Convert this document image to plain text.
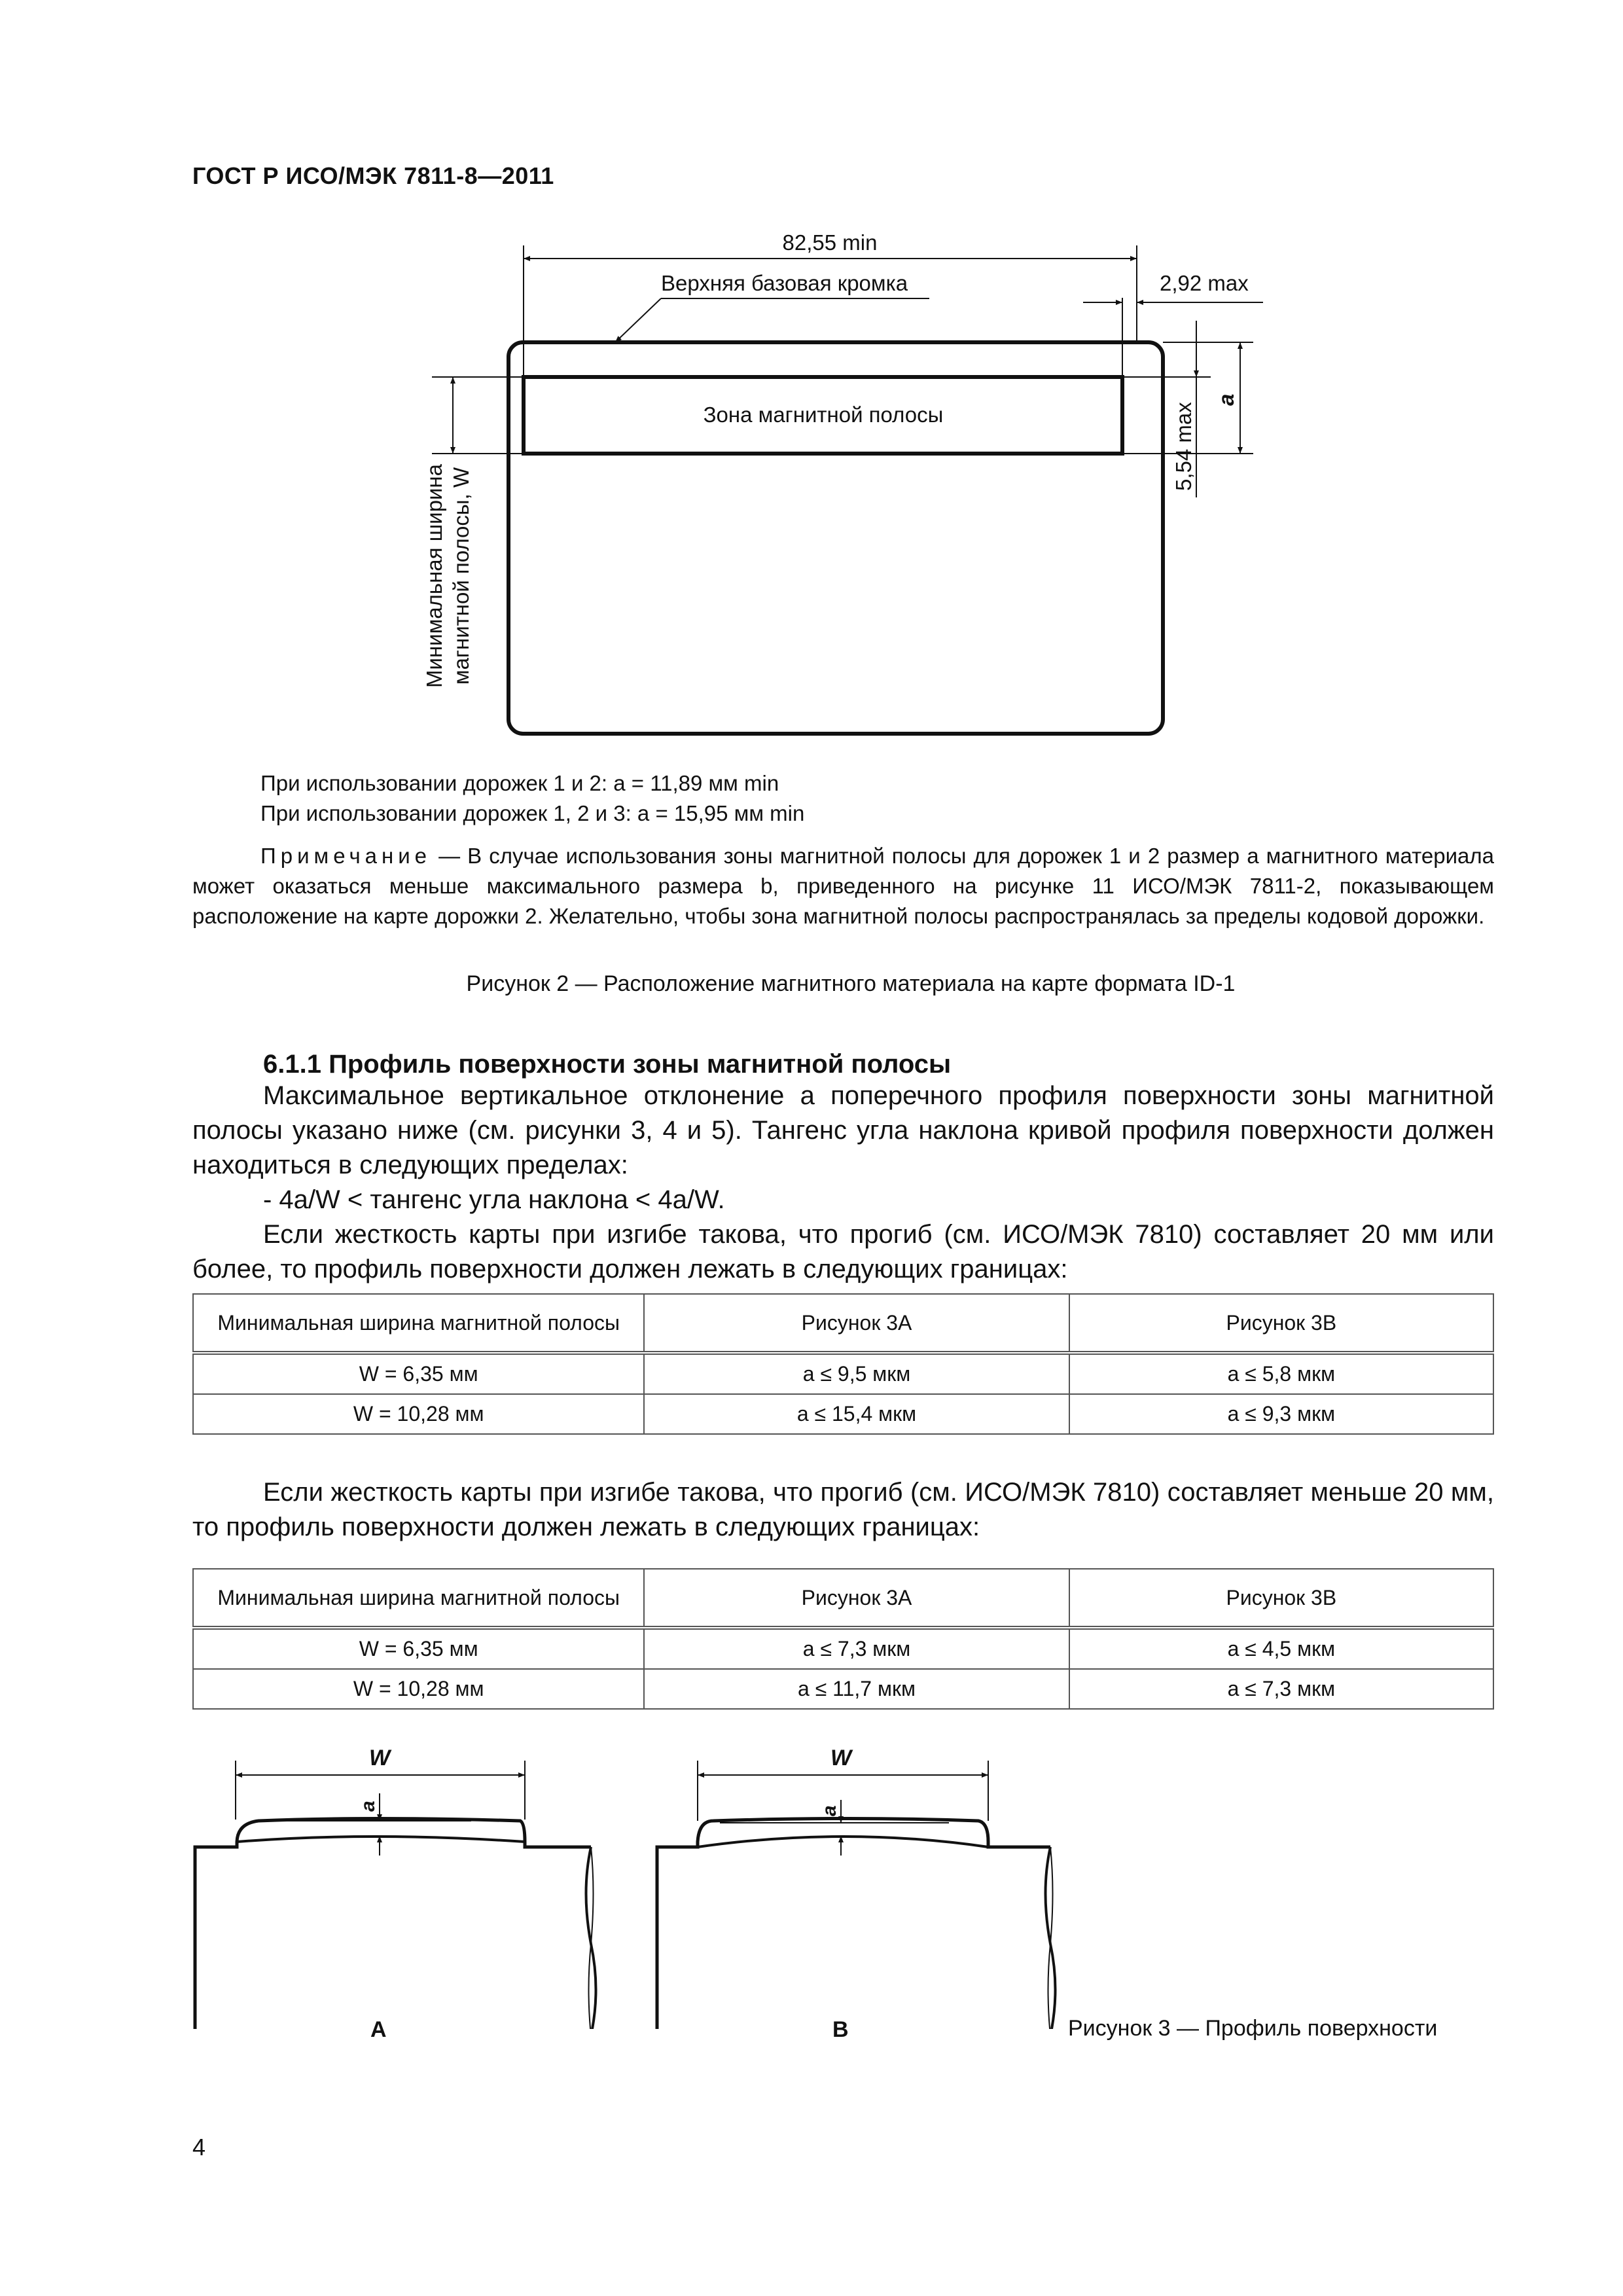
ГОСТ Р ИСО/МЭК 7811-8—2011
82,55 min
Верхняя базовая кромка	2,92 max
5,54 max
a
Зона магнитной полосы
Минимальная ширина магнитной полосы, W
При использовании дорожек 1 и 2: a = 11,89 мм min
При использовании дорожек 1, 2 и 3: a = 15,95 мм min
Примечание — В случае использования зоны магнитной полосы для дорожек 1 и 2 размер a магнитного материала может оказаться меньше максимального размера b, приведенного на рисунке 11 ИСО/МЭК 7811-2, показывающем расположение на карте дорожки 2. Желательно, чтобы зона магнитной полосы распространялась за пределы кодовой дорожки.
Рисунок 2 — Расположение магнитного материала на карте формата ID-1
6.1.1 Профиль поверхности зоны магнитной полосы
Максимальное вертикальное отклонение a поперечного профиля поверхности зоны магнитной полосы указано ниже (см. рисунки 3, 4 и 5). Тангенс угла наклона кривой профиля поверхности должен находиться в следующих пределах:
- 4a/W < тангенс угла наклона < 4a/W.
Если жесткость карты при изгибе такова, что прогиб (см. ИСО/МЭК 7810) составляет 20 мм или более, то профиль поверхности должен лежать в следующих границах:
Минимальная ширина магнитной полосы	Рисунок 3A	Рисунок 3B
W = 6,35 мм	a ≤ 9,5 мкм	a ≤ 5,8 мкм
W = 10,28 мм	a ≤ 15,4 мкм	a ≤ 9,3 мкм
Если жесткость карты при изгибе такова, что прогиб (см. ИСО/МЭК 7810) составляет меньше 20 мм, то профиль поверхности должен лежать в следующих границах:
Минимальная ширина магнитной полосы	Рисунок 3A	Рисунок 3B
W = 6,35 мм	a ≤ 7,3 мкм	a ≤ 4,5 мкм
W = 10,28 мм	a ≤ 11,7 мкм	a ≤ 7,3 мкм
W
a
W
a
A	B	Рисунок 3 — Профиль поверхности
4
